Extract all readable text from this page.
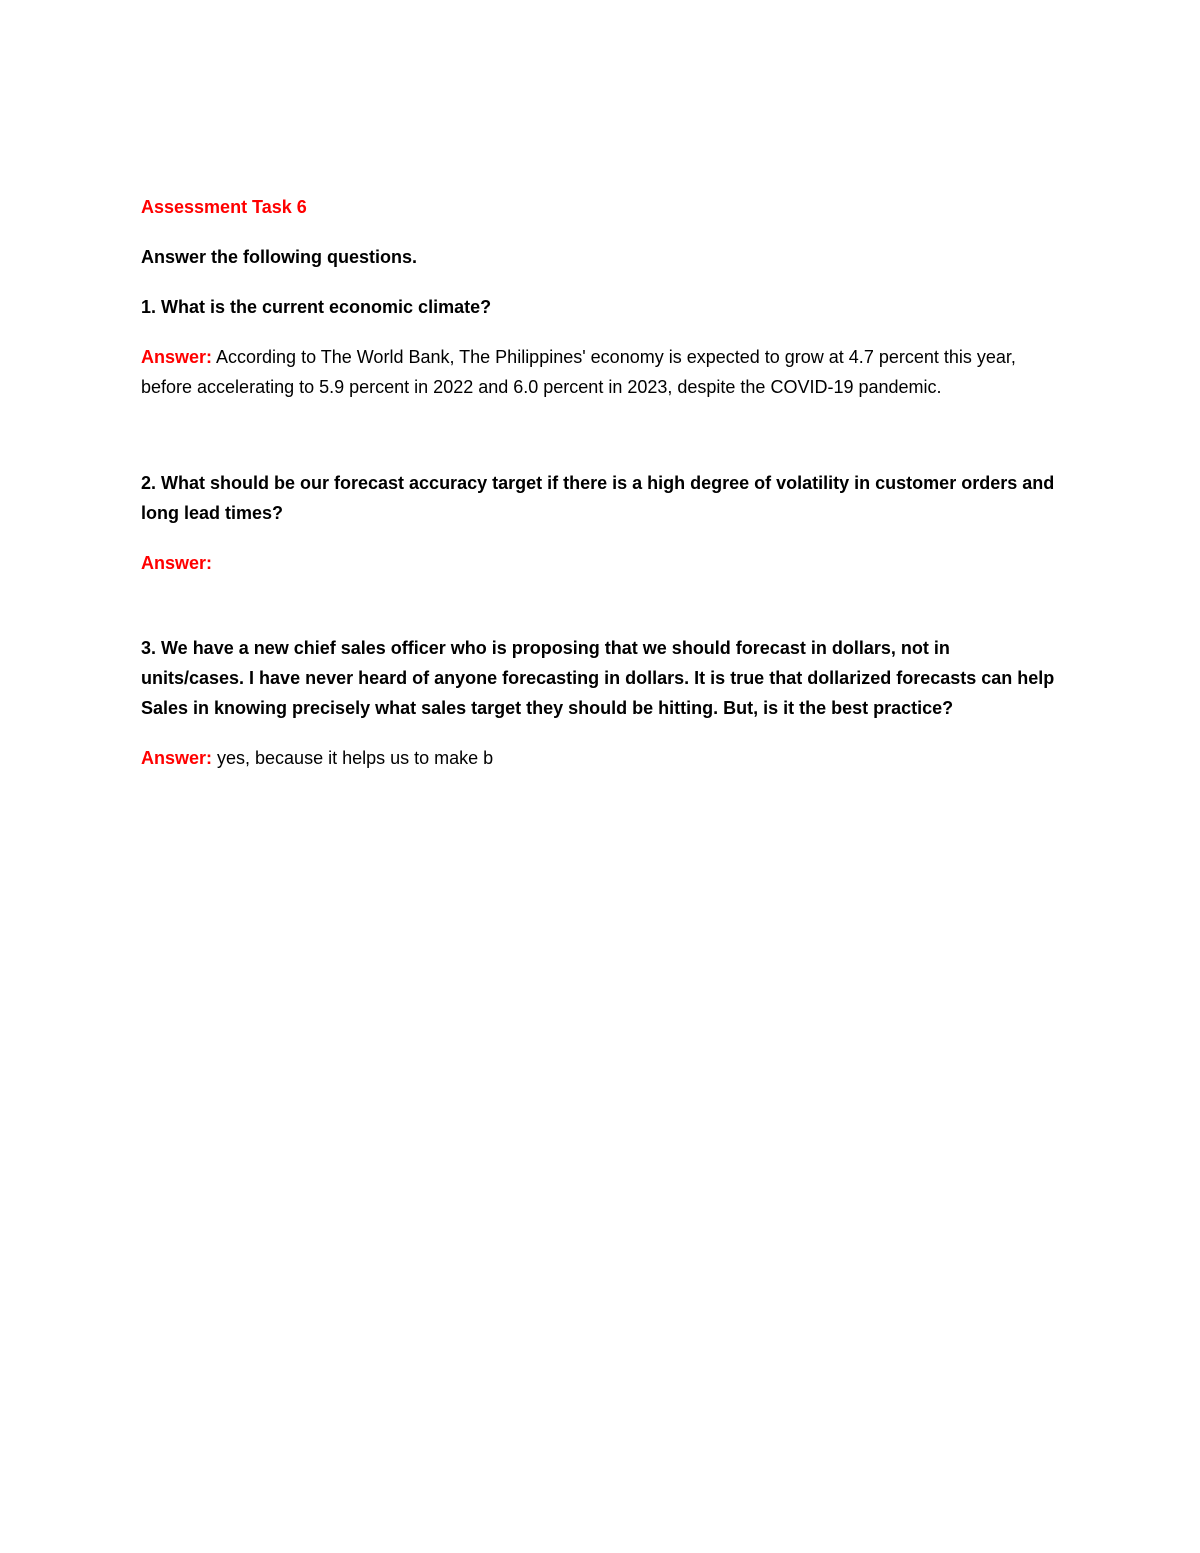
Assessment Task 6

Answer the following questions.

1. What is the current economic climate?

Answer: According to The World Bank, The Philippines' economy is expected to grow at 4.7 percent this year, before accelerating to 5.9 percent in 2022 and 6.0 percent in 2023, despite the COVID-19 pandemic.

2. What should be our forecast accuracy target if there is a high degree of volatility in customer orders and long lead times?

Answer:

3. We have a new chief sales officer who is proposing that we should forecast in dollars, not in units/cases. I have never heard of anyone forecasting in dollars. It is true that dollarized forecasts can help Sales in knowing precisely what sales target they should be hitting. But, is it the best practice?

Answer: yes, because it helps us to make b
